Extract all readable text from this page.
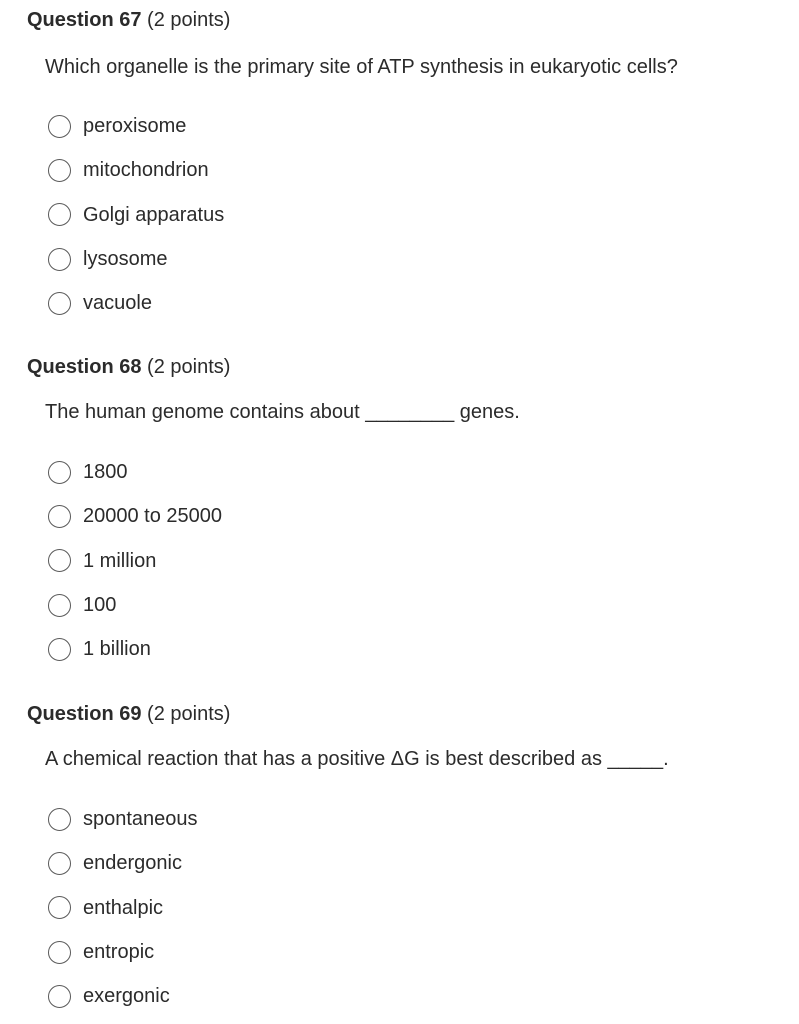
Question 67 (2 points)
Which organelle is the primary site of ATP synthesis in eukaryotic cells?
peroxisome
mitochondrion
Golgi apparatus
lysosome
vacuole
Question 68 (2 points)
The human genome contains about ________ genes.
1800
20000 to 25000
1 million
100
1 billion
Question 69 (2 points)
A chemical reaction that has a positive ΔG is best described as _____.
spontaneous
endergonic
enthalpic
entropic
exergonic
